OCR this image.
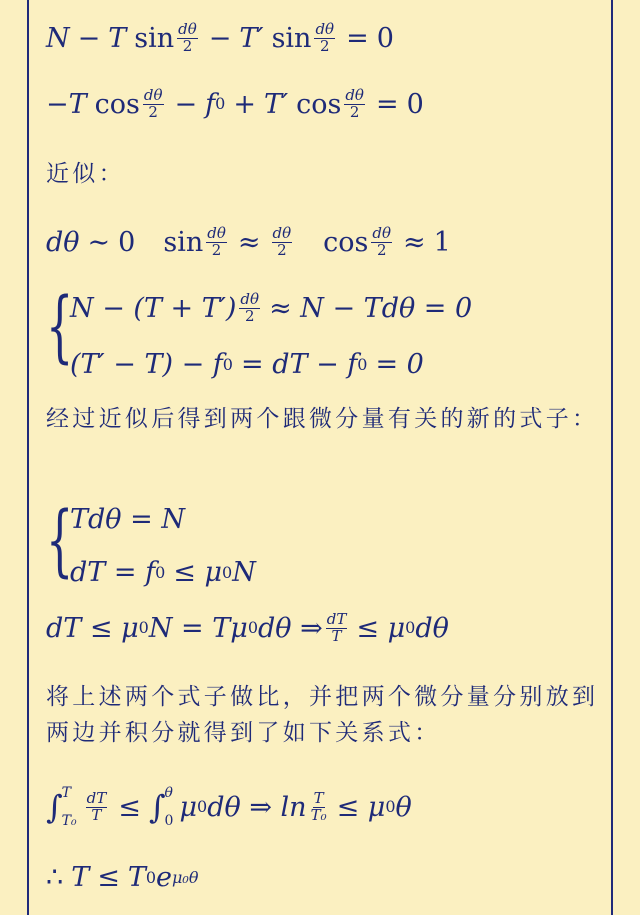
N − T $\sin \frac{d\theta}{2} - T'$ $\sin \frac{d\theta}{2} = 0$
− T $\cos \frac{d\theta}{2} - f$ 0 + T′ $\cos \frac{d\theta}{2} = 0$
近似：
dθ ∼ 0 $\sin \frac{d\theta}{2} \approx \frac{d\theta}{2}$ $\cos \frac{d\theta}{2} \approx 1$
{
$N - (T + T') \frac{d\theta}{2} \approx N - Td\theta = 0$
(T′ − T) − f 0 = dT − f 0 = 0
经过近似后得到两个跟微分量有关的新的式子：
{
Tdθ = N
dT = f 0 ≤ μ 0 N
dT ≤ μ 0 N = Tμ 0 dθ ⇒ $\frac{dT}{T} \le \mu$ 0 dθ
将上述两个式子做比，并把两个微分量分别放到两边并积分就得到了如下关系式：
∫ T
$T_0 \frac{dT}{T}$ ≤ ∫ θ
0 μ 0 dθ ⇒ $\ln \frac{T}{\text{T₀}} \le \mu$ 0 θ
∴ T ≤ T 0 e μ₀θ
